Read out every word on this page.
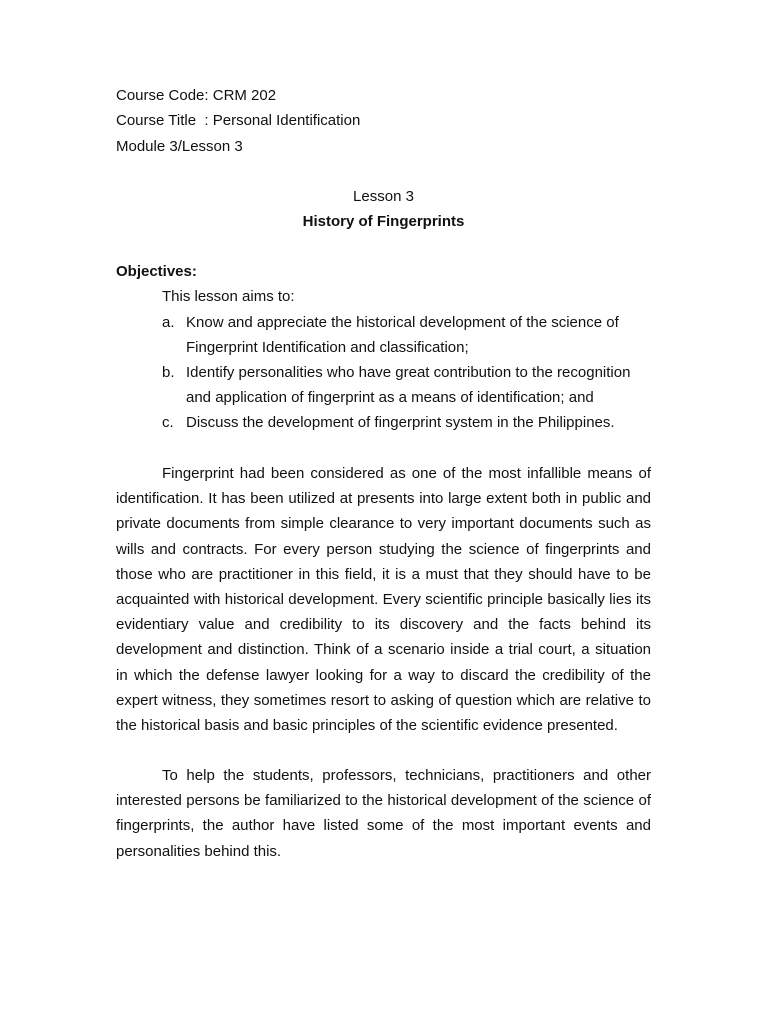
Course Code: CRM 202
Course Title : Personal Identification
Module 3/Lesson 3
Lesson 3
History of Fingerprints
Objectives:
This lesson aims to:
a. Know and appreciate the historical development of the science of Fingerprint Identification and classification;
b. Identify personalities who have great contribution to the recognition and application of fingerprint as a means of identification; and
c. Discuss the development of fingerprint system in the Philippines.

Fingerprint had been considered as one of the most infallible means of identification. It has been utilized at presents into large extent both in public and private documents from simple clearance to very important documents such as wills and contracts. For every person studying the science of fingerprints and those who are practitioner in this field, it is a must that they should have to be acquainted with historical development. Every scientific principle basically lies its evidentiary value and credibility to its discovery and the facts behind its development and distinction. Think of a scenario inside a trial court, a situation in which the defense lawyer looking for a way to discard the credibility of the expert witness, they sometimes resort to asking of question which are relative to the historical basis and basic principles of the scientific evidence presented.

To help the students, professors, technicians, practitioners and other interested persons be familiarized to the historical development of the science of fingerprints, the author have listed some of the most important events and personalities behind this.
